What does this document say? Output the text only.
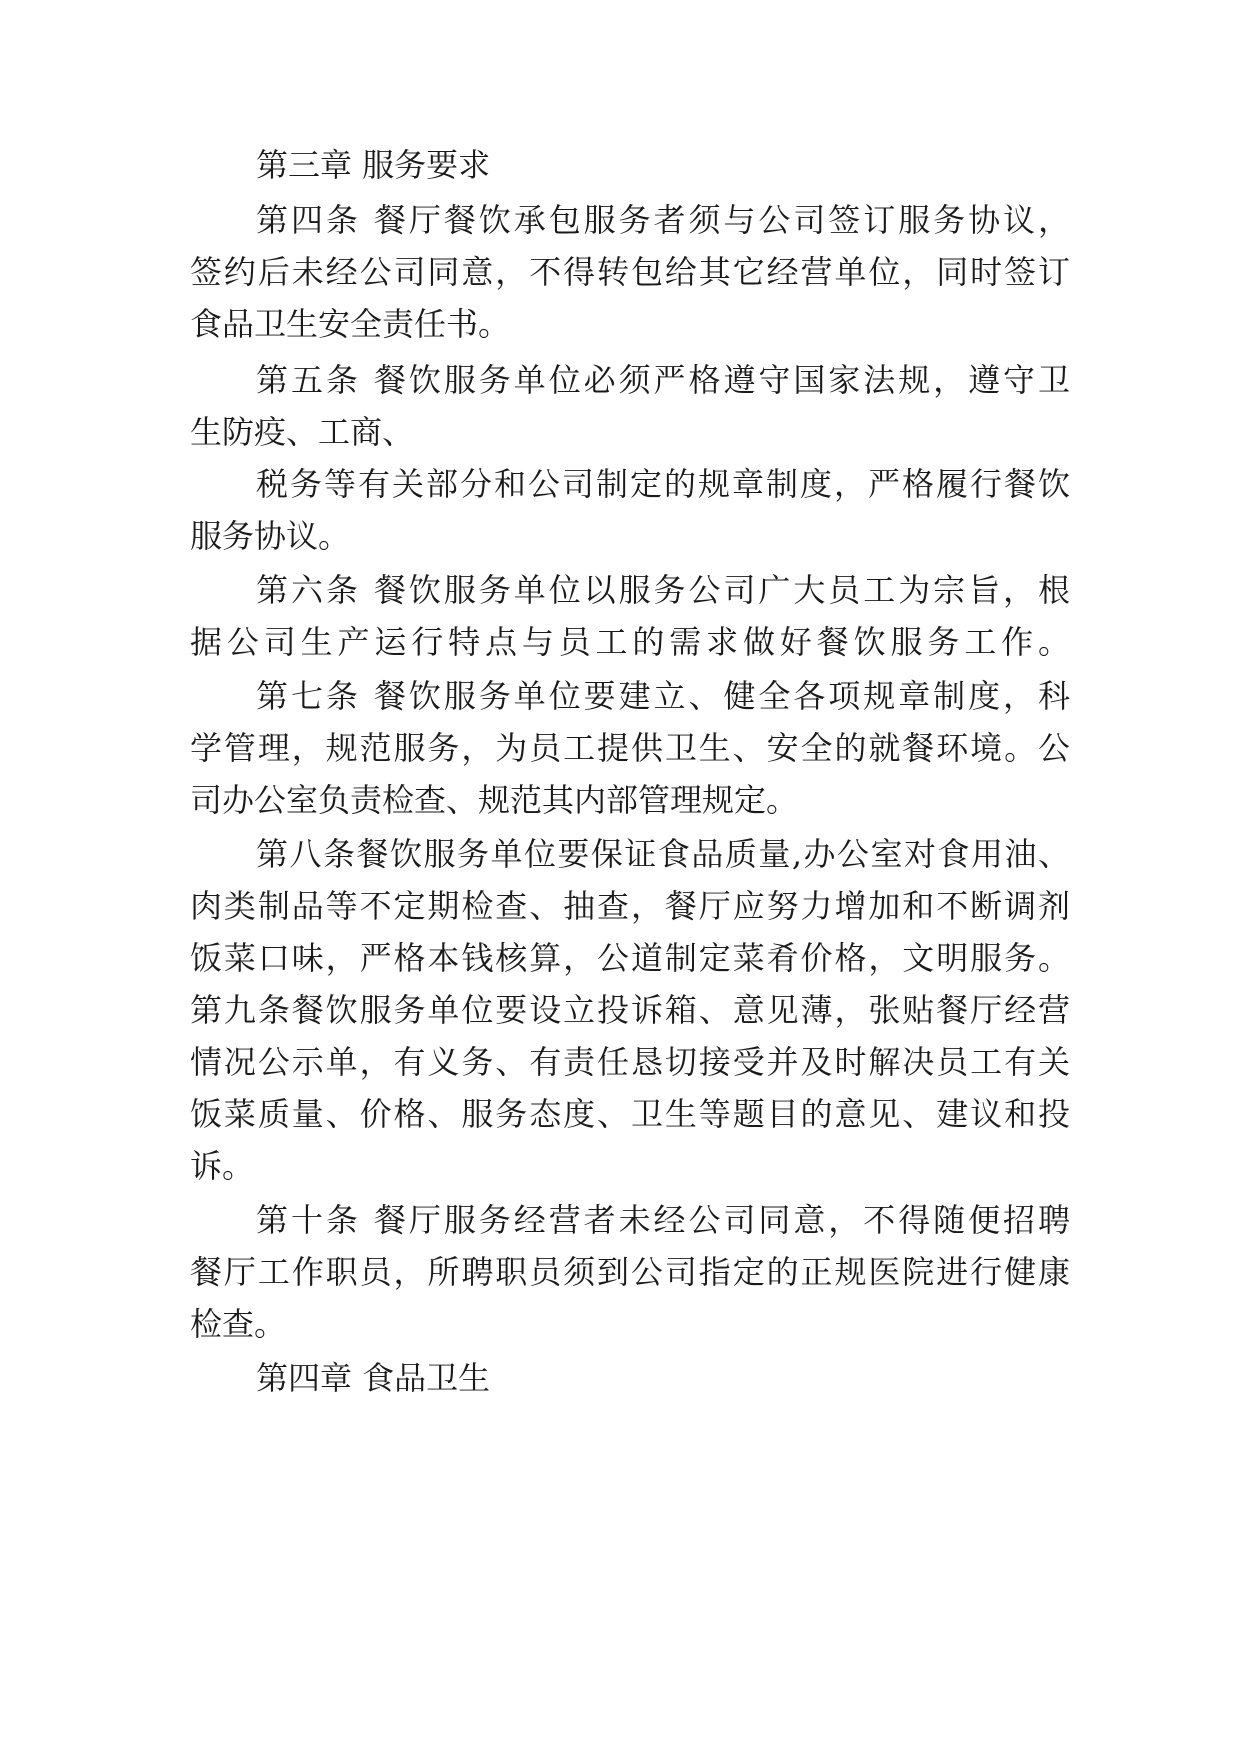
第三章 服务要求
第四条 餐厅餐饮承包服务者须与公司签订服务协议，
签约后未经公司同意，不得转包给其它经营单位，同时签订
食品卫生安全责任书。
第五条 餐饮服务单位必须严格遵守国家法规，遵守卫
生防疫、工商、
税务等有关部分和公司制定的规章制度，严格履行餐饮
服务协议。
第六条 餐饮服务单位以服务公司广大员工为宗旨，根
据公司生产运行特点与员工的需求做好餐饮服务工作。
第七条 餐饮服务单位要建立、健全各项规章制度，科
学管理，规范服务，为员工提供卫生、安全的就餐环境。公
司办公室负责检查、规范其内部管理规定。
第八条餐饮服务单位要保证食品质量,办公室对食用油、
肉类制品等不定期检查、抽查，餐厅应努力增加和不断调剂
饭菜口味，严格本钱核算，公道制定菜肴价格，文明服务。
第九条餐饮服务单位要设立投诉箱、意见薄，张贴餐厅经营
情况公示单，有义务、有责任恳切接受并及时解决员工有关
饭菜质量、价格、服务态度、卫生等题目的意见、建议和投
诉。
第十条 餐厅服务经营者未经公司同意，不得随便招聘
餐厅工作职员，所聘职员须到公司指定的正规医院进行健康
检查。
第四章 食品卫生
